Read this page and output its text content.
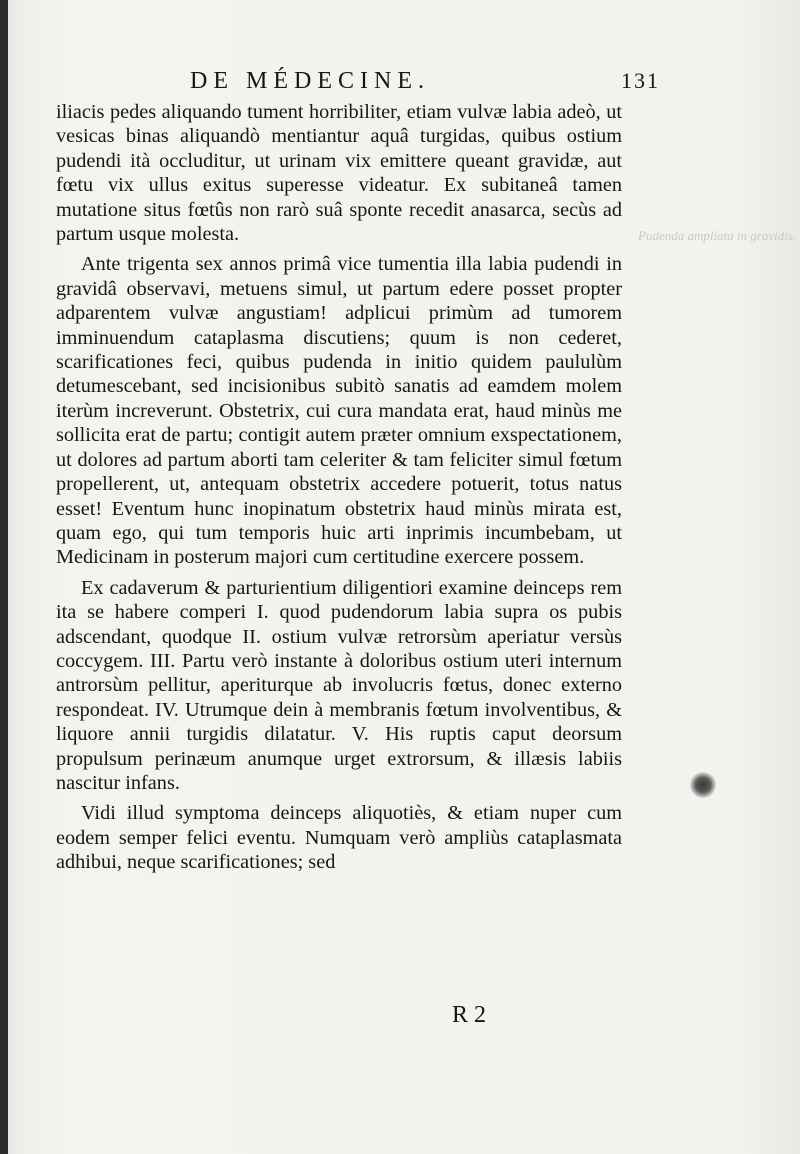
DE MÉDECINE.	131
Pudenda ampliata in gravidis.

iliacis pedes aliquando tument horribiliter, etiam vulvæ labia adeò, ut vesicas binas aliquandò mentiantur aquâ turgidas, quibus ostium pudendi ità occluditur, ut urinam vix emittere queant gravidæ, aut fœtu vix ullus exitus superesse videatur. Ex subitaneâ tamen mutatione situs fœtûs non rarò suâ sponte recedit anasarca, secùs ad partum usque molesta.

Ante trigenta sex annos primâ vice tumentia illa labia pudendi in gravidâ observavi, metuens simul, ut partum edere posset propter adparentem vulvæ angustiam! adplicui primùm ad tumorem imminuendum cataplasma discutiens; quum is non cederet, scarificationes feci, quibus pudenda in initio quidem paululùm detumescebant, sed incisionibus subitò sanatis ad eamdem molem iterùm increverunt. Obstetrix, cui cura mandata erat, haud minùs me sollicita erat de partu; contigit autem præter omnium exspectationem, ut dolores ad partum aborti tam celeriter & tam feliciter simul fœtum propellerent, ut, antequam obstetrix accedere potuerit, totus natus esset! Eventum hunc inopinatum obstetrix haud minùs mirata est, quam ego, qui tum temporis huic arti inprimis incumbebam, ut Medicinam in posterum majori cum certitudine exercere possem.

Ex cadaverum & parturientium diligentiori examine deinceps rem ita se habere comperi I. quod pudendorum labia supra os pubis adscendant, quodque II. ostium vulvæ retrorsùm aperiatur versùs coccygem. III. Partu verò instante à doloribus ostium uteri internum antrorsùm pellitur, aperiturque ab involucris fœtus, donec externo respondeat. IV. Utrumque dein à membranis fœtum involventibus, & liquore annii turgidis dilatatur. V. His ruptis caput deorsum propulsum perinæum anumque urget extrorsum, & illæsis labiis nascitur infans.

Vidi illud symptoma deinceps aliquotiès, & etiam nuper cum eodem semper felici eventu. Numquam verò ampliùs cataplasmata adhibui, neque scarificationes; sed

R 2
